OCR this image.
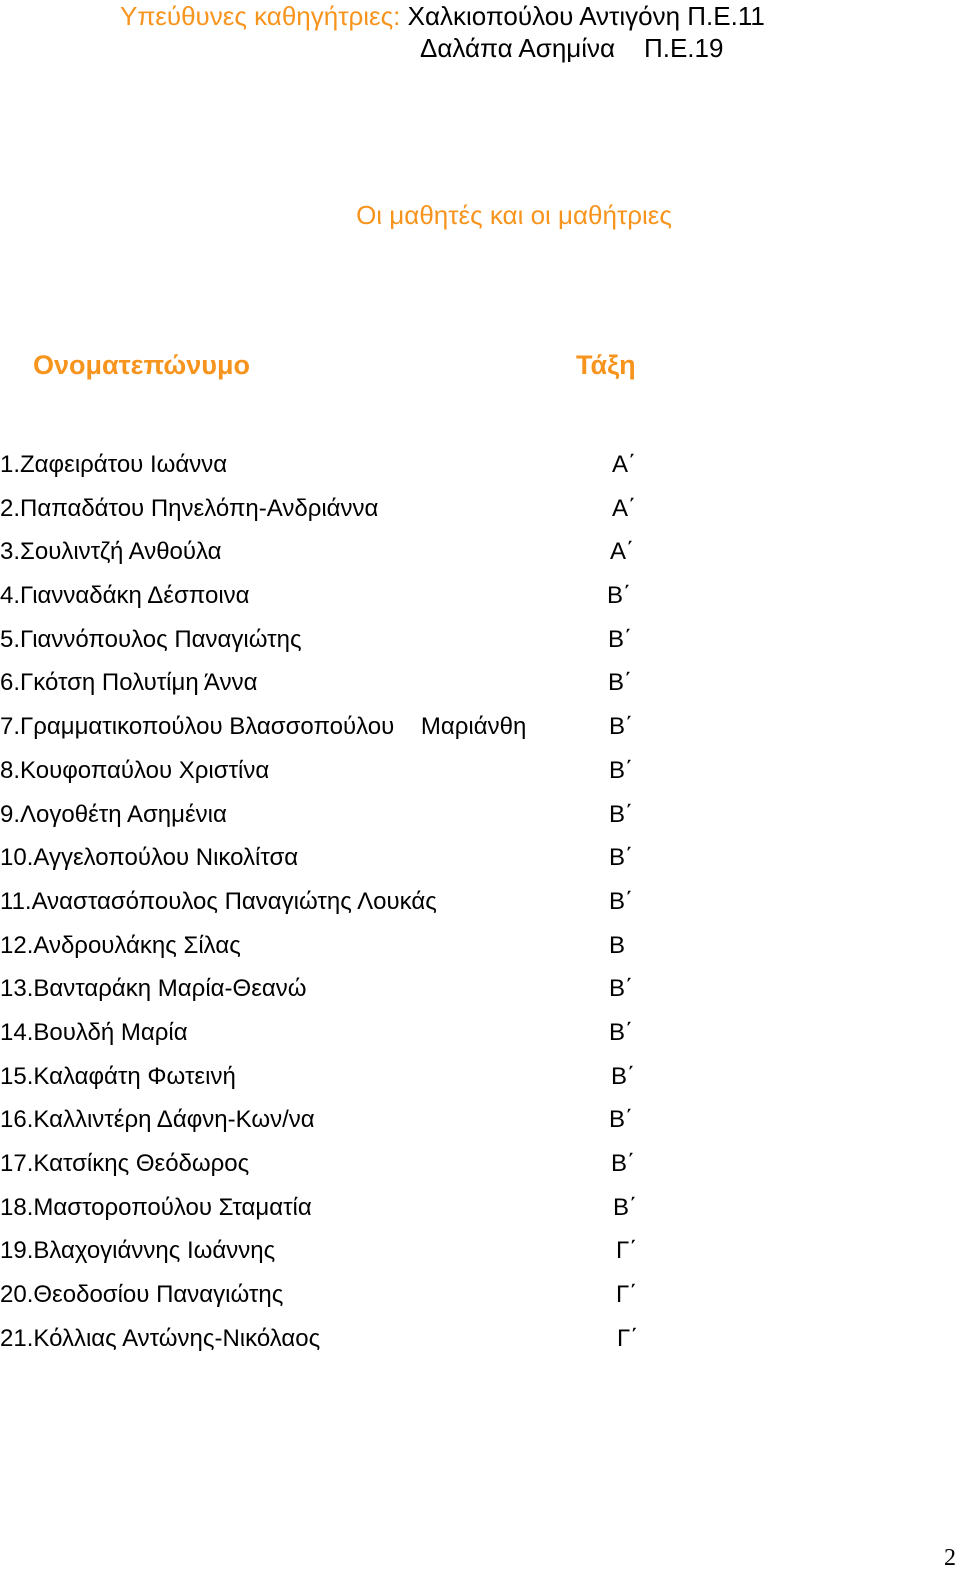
Υπεύθυνες καθηγήτριες: Χαλκιοπούλου Αντιγόνη Π.Ε.11
Δαλάπα Ασημίνα    Π.Ε.19
Οι μαθητές και οι μαθήτριες
Ονοματεπώνυμο	Τάξη
1.Ζαφειράτου Ιωάννα	Α΄
2.Παπαδάτου Πηνελόπη-Ανδριάννα	Α΄
3.Σουλιντζή Ανθούλα	Α΄
4.Γιανναδάκη Δέσποινα	Β΄
5.Γιαννόπουλος Παναγιώτης	Β΄
6.Γκότση Πολυτίμη Άννα	Β΄
7.Γραμματικοπούλου Βλασσοπούλου    Μαριάνθη	Β΄
8.Κουφοπαύλου Χριστίνα	Β΄
9.Λογοθέτη Ασημένια	Β΄
10.Αγγελοπούλου Νικολίτσα	Β΄
11.Αναστασόπουλος Παναγιώτης Λουκάς	Β΄
12.Ανδρουλάκης Σίλας	Β
13.Βανταράκη Μαρία-Θεανώ	Β΄
14.Βουλδή Μαρία	Β΄
15.Καλαφάτη Φωτεινή	Β΄
16.Καλλιντέρη Δάφνη-Κων/να	Β΄
17.Κατσίκης Θεόδωρος	Β΄
18.Μαστοροπούλου Σταματία	Β΄
19.Βλαχογιάννης Ιωάννης	Γ΄
20.Θεοδοσίου Παναγιώτης	Γ΄
21.Κόλλιας Αντώνης-Νικόλαος	Γ΄
2
